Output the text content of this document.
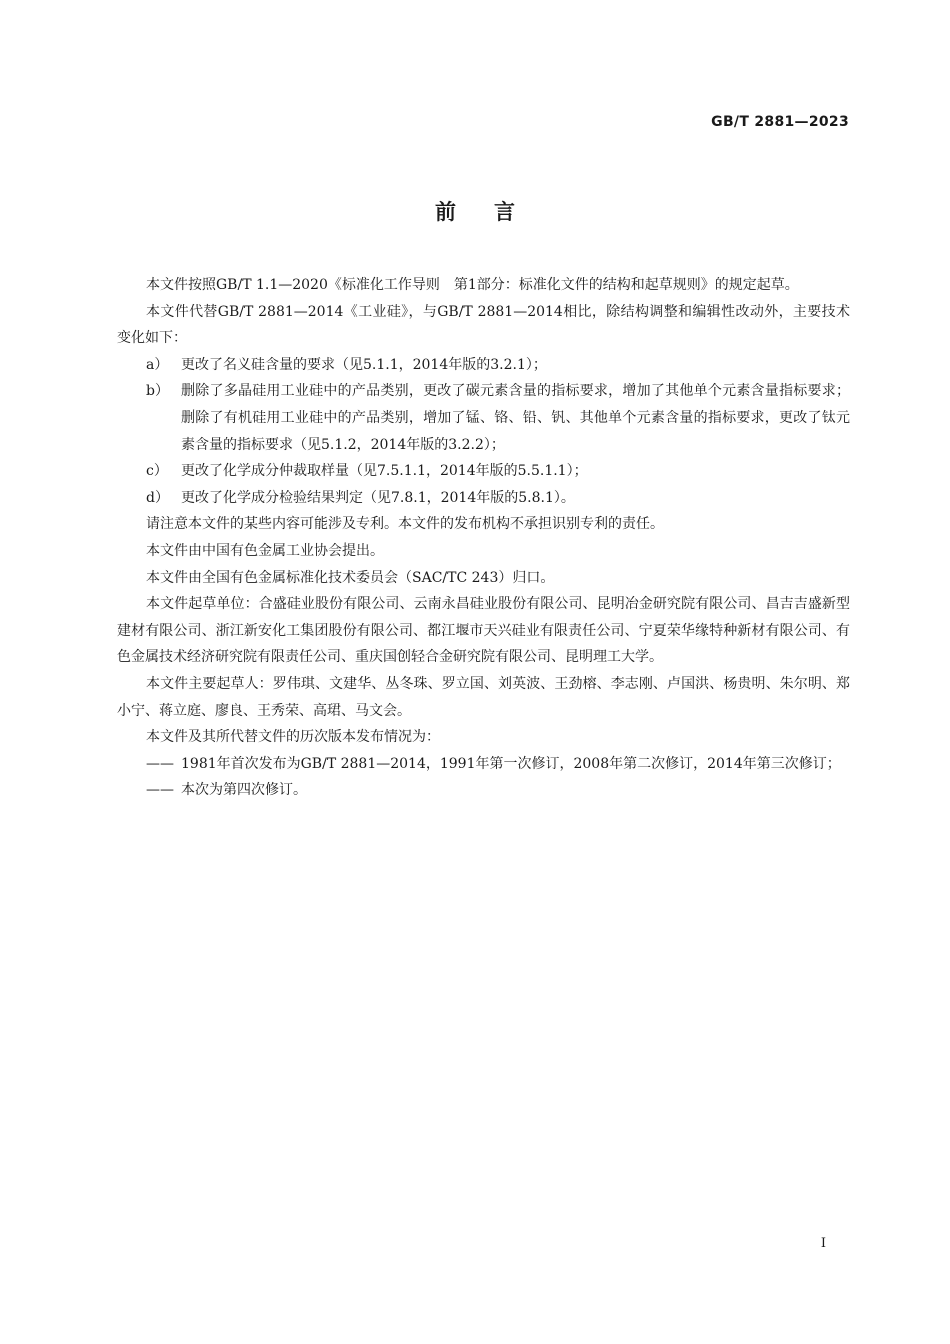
GB/T 2881—2023
前言

本文件按照GB/T 1.1—2020《标准化工作导则　第1部分：标准化文件的结构和起草规则》的规定起草。

本文件代替GB/T 2881—2014《工业硅》，与GB/T 2881—2014相比，除结构调整和编辑性改动外，主要技术变化如下：

a） 更改了名义硅含量的要求（见5.1.1，2014年版的3.2.1）；
b） 删除了多晶硅用工业硅中的产品类别，更改了碳元素含量的指标要求，增加了其他单个元素含量指标要求；删除了有机硅用工业硅中的产品类别，增加了锰、铬、铅、钒、其他单个元素含量的指标要求，更改了钛元素含量的指标要求（见5.1.2，2014年版的3.2.2）；
c） 更改了化学成分仲裁取样量（见7.5.1.1，2014年版的5.5.1.1）；
d） 更改了化学成分检验结果判定（见7.8.1，2014年版的5.8.1）。

请注意本文件的某些内容可能涉及专利。本文件的发布机构不承担识别专利的责任。

本文件由中国有色金属工业协会提出。

本文件由全国有色金属标准化技术委员会（SAC/TC 243）归口。

本文件起草单位：合盛硅业股份有限公司、云南永昌硅业股份有限公司、昆明冶金研究院有限公司、昌吉吉盛新型建材有限公司、浙江新安化工集团股份有限公司、都江堰市天兴硅业有限责任公司、宁夏荣华缘特种新材有限公司、有色金属技术经济研究院有限责任公司、重庆国创轻合金研究院有限公司、昆明理工大学。

本文件主要起草人：罗伟琪、文建华、丛冬珠、罗立国、刘英波、王劲榕、李志刚、卢国洪、杨贵明、朱尔明、郑小宁、蒋立庭、廖良、王秀荣、高珺、马文会。

本文件及其所代替文件的历次版本发布情况为：

—— 1981年首次发布为GB/T 2881—2014，1991年第一次修订，2008年第二次修订，2014年第三次修订；
—— 本次为第四次修订。
I
